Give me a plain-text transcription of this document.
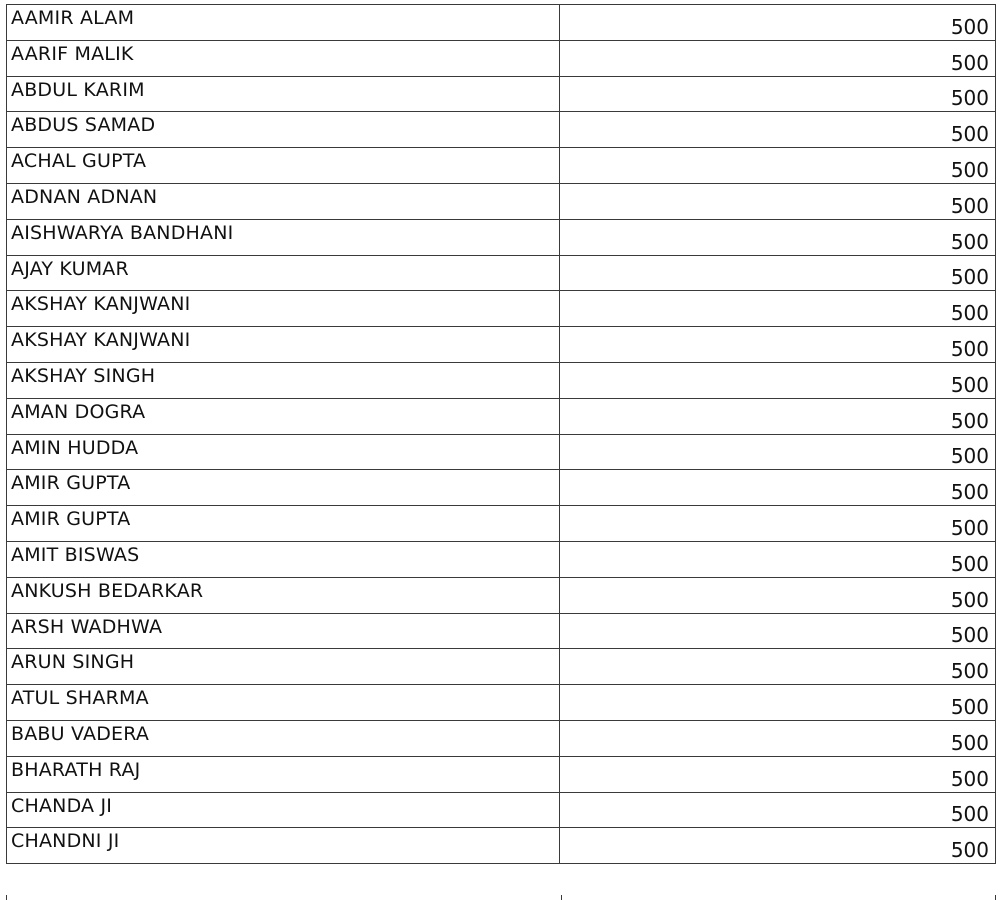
AAMIR ALAM	500
AARIF MALIK	500
ABDUL KARIM	500
ABDUS SAMAD	500
ACHAL GUPTA	500
ADNAN ADNAN	500
AISHWARYA BANDHANI	500
AJAY KUMAR	500
AKSHAY KANJWANI	500
AKSHAY KANJWANI	500
AKSHAY SINGH	500
AMAN DOGRA	500
AMIN HUDDA	500
AMIR GUPTA	500
AMIR GUPTA	500
AMIT BISWAS	500
ANKUSH BEDARKAR	500
ARSH WADHWA	500
ARUN SINGH	500
ATUL SHARMA	500
BABU VADERA	500
BHARATH RAJ	500
CHANDA JI	500
CHANDNI JI	500
